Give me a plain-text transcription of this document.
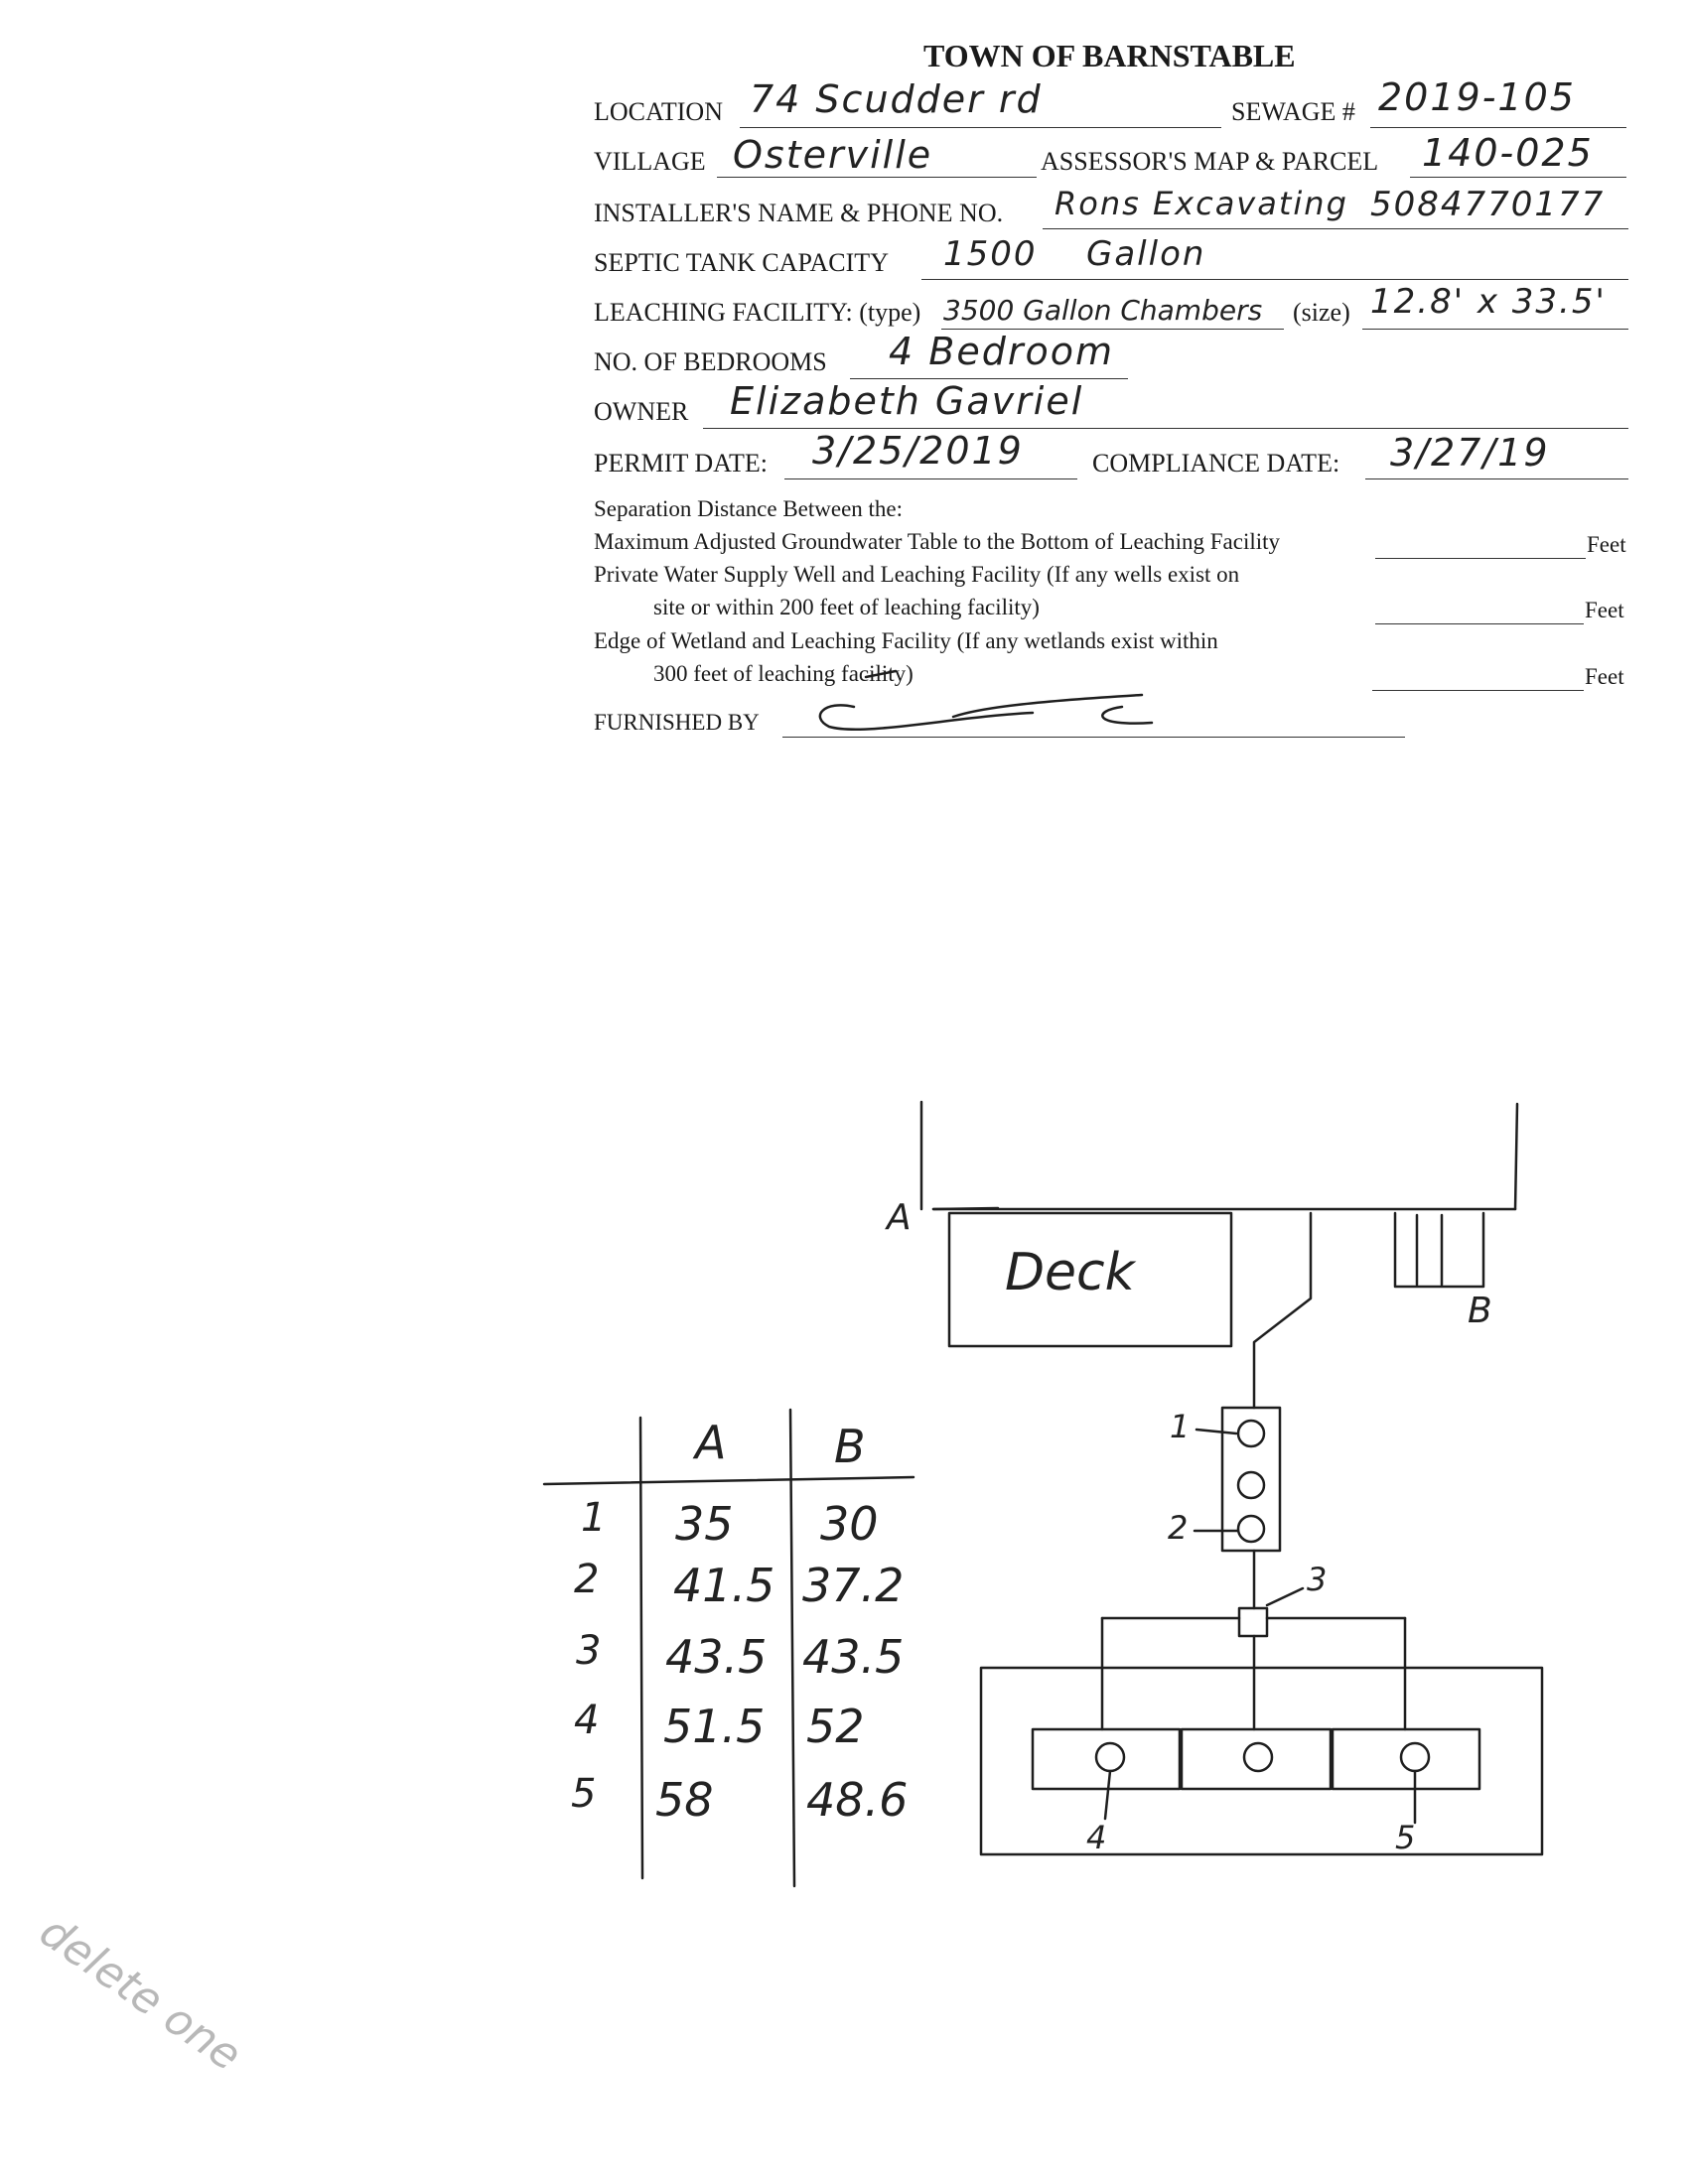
TOWN OF BARNSTABLE
LOCATION 74 Scudder rd	SEWAGE # 2019-105
VILLAGE Osterville	ASSESSOR'S MAP & PARCEL 140-025
INSTALLER'S NAME & PHONE NO. Rons Excavating 5084770177
SEPTIC TANK CAPACITY 1500 Gallon
LEACHING FACILITY: (type) 3500 Gallon Chambers (size) 12.8' x 33.5'
NO. OF BEDROOMS 4 Bedroom
OWNER Elizabeth Gavriel
PERMIT DATE: 3/25/2019	COMPLIANCE DATE: 3/27/19
Separation Distance Between the:
Maximum Adjusted Groundwater Table to the Bottom of Leaching Facility	Feet
Private Water Supply Well and Leaching Facility (If any wells exist on
site or within 200 feet of leaching facility)	Feet
Edge of Wetland and Leaching Facility (If any wetlands exist within
300 feet of leaching facility)	Feet
FURNISHED BY
A
B
Deck
1
2
3
4	5
A B
1 35 30
2 41.5 37.2
3 43.5 43.5
4 51.5 52
5 58 48.6
delete one
